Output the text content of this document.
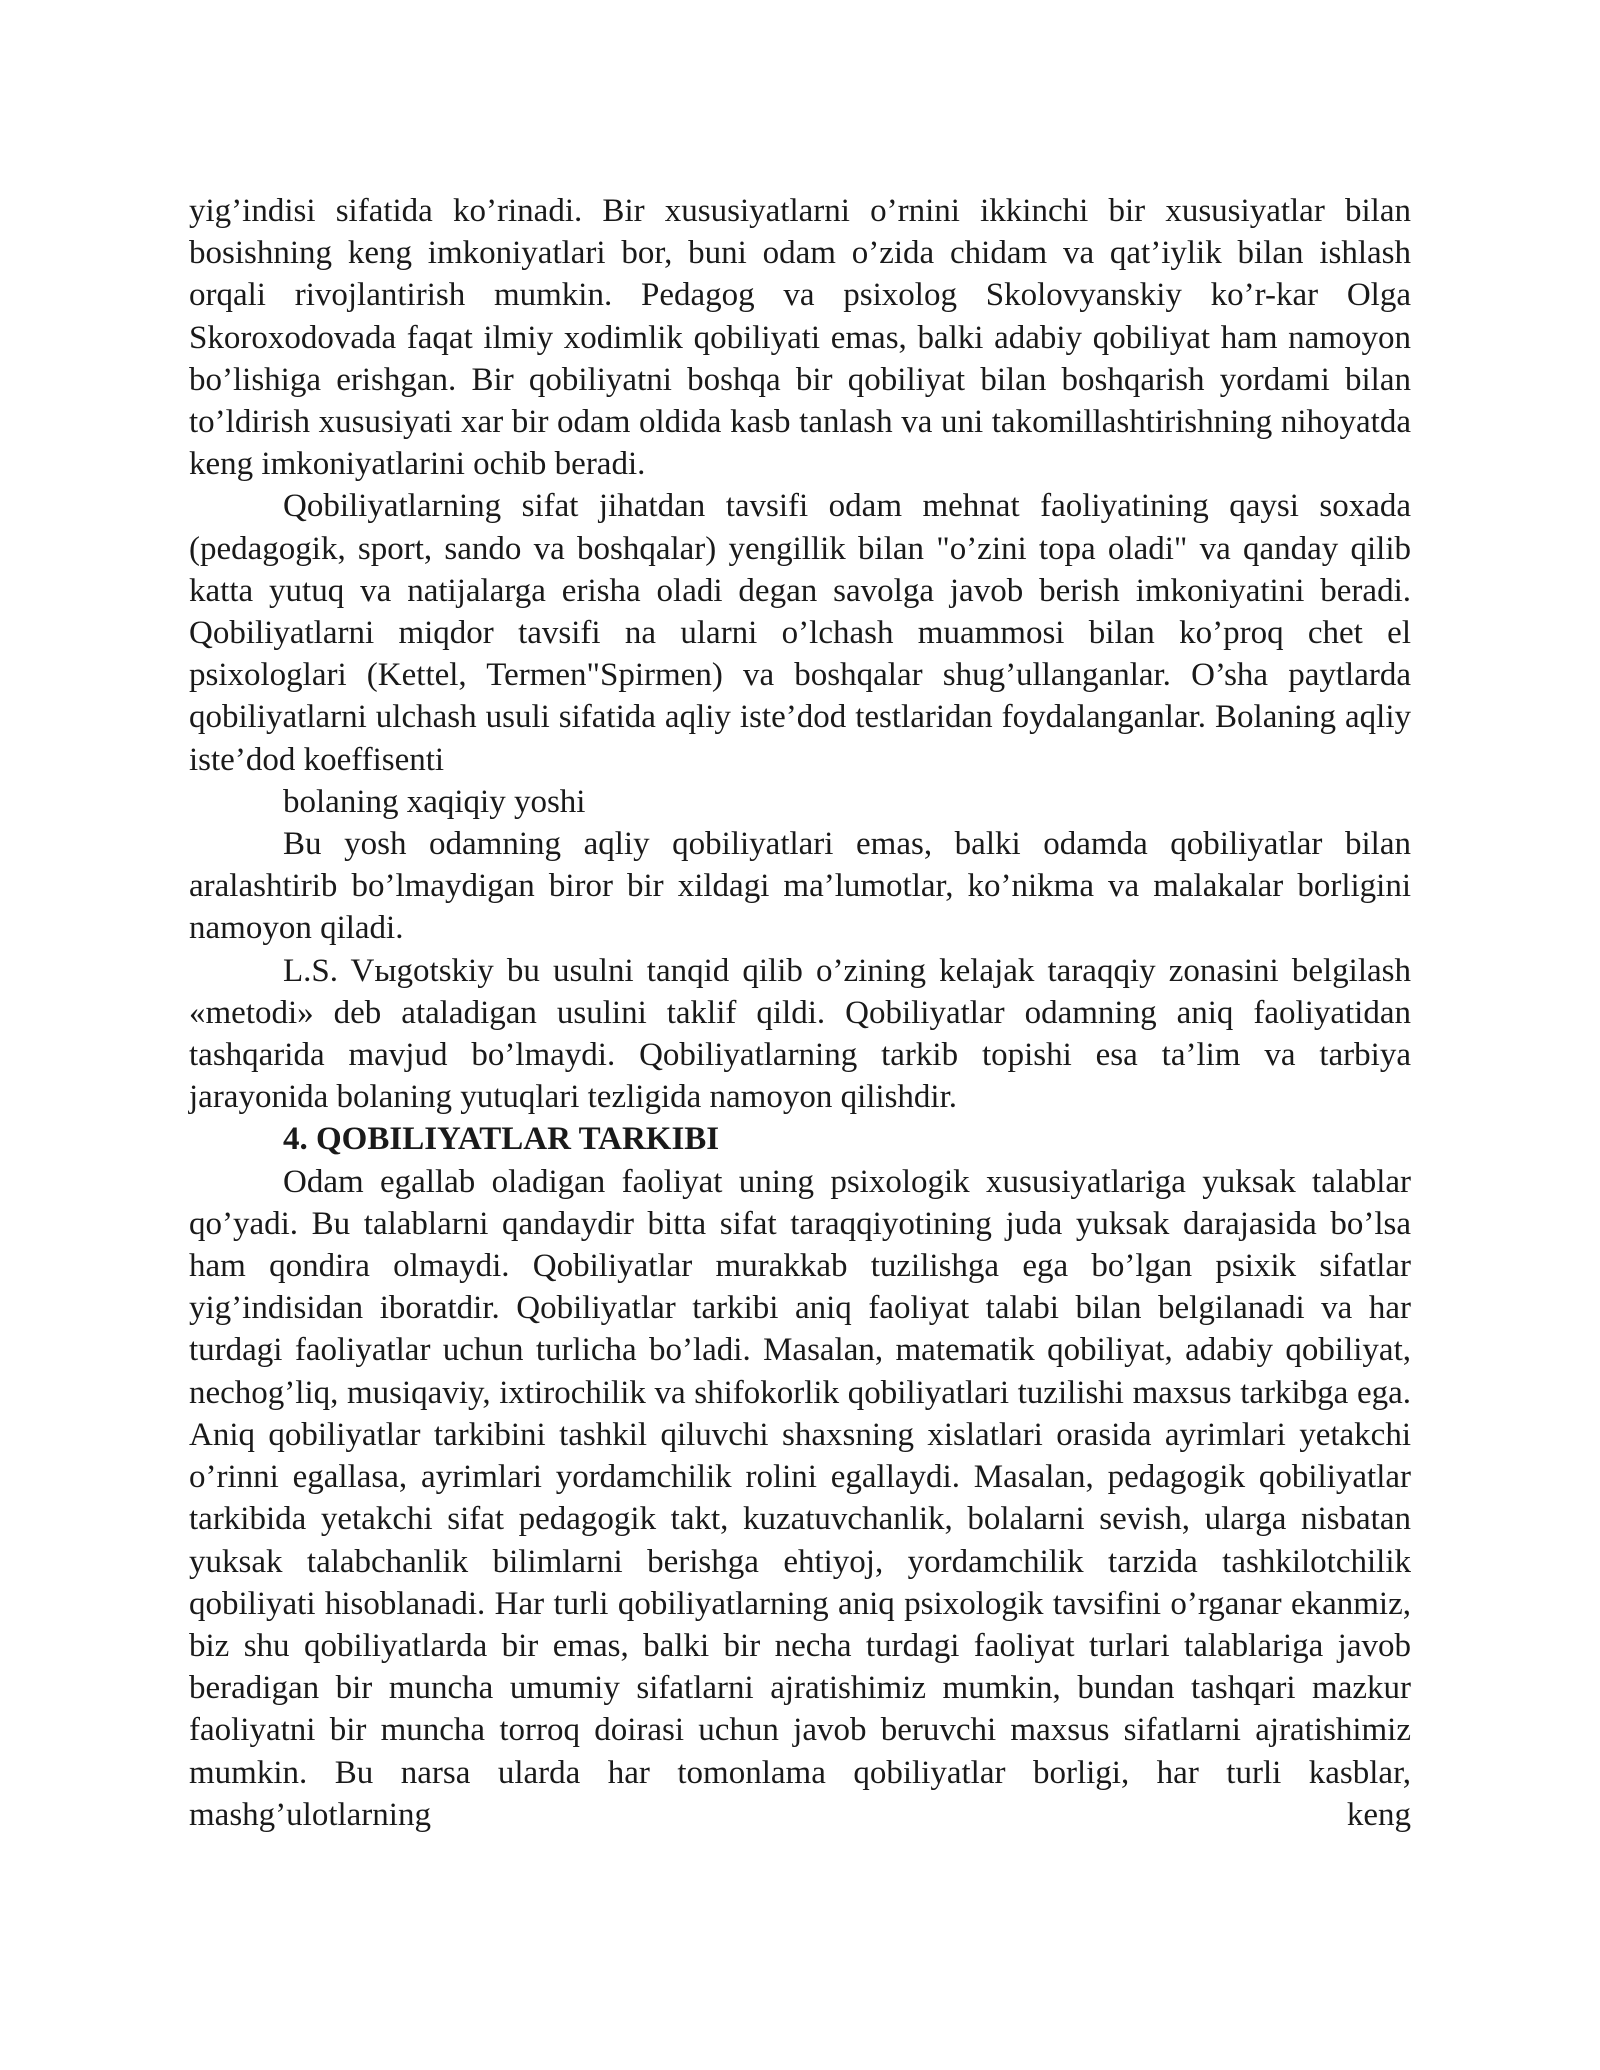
yig’indisi sifatida ko’rinadi. Bir xususiyatlarni o’rnini ikkinchi bir xususiyatlar bilan bosishning keng imkoniyatlari bor, buni odam o’zida chidam va qat’iylik bilan ishlash orqali rivojlantirish mumkin. Pedagog va psixolog Skolovyanskiy ko’r-kar Olga Skoroxodovada faqat ilmiy xodimlik qobiliyati emas, balki adabiy qobiliyat ham namoyon bo’lishiga erishgan. Bir qobiliyatni boshqa bir qobiliyat bilan boshqarish yordami bilan to’ldirish xususiyati xar bir odam oldida kasb tanlash va uni takomillashtirishning nihoyatda keng imkoniyatlarini ochib beradi.

Qobiliyatlarning sifat jihatdan tavsifi odam mehnat faoliyatining qaysi soxada (pedagogik, sport, sando va boshqalar) yengillik bilan "o’zini topa oladi" va qanday qilib katta yutuq va natijalarga erisha oladi degan savolga javob berish imkoniyatini beradi. Qobiliyatlarni miqdor tavsifi na ularni o’lchash muammosi bilan ko’proq chet el psixologlari (Kettel, Termen"Spirmen) va boshqalar shug’ullanganlar. O’sha paytlarda qobiliyatlarni ulchash usuli sifatida aqliy iste’dod testlaridan foydalanganlar. Bolaning aqliy iste’dod koeffisenti

bolaning xaqiqiy yoshi

Bu yosh odamning aqliy qobiliyatlari emas, balki odamda qobiliyatlar bilan aralashtirib bo’lmaydigan biror bir xildagi ma’lumotlar, ko’nikma va malakalar borligini namoyon qiladi.

L.S. Vыgotskiy bu usulni tanqid qilib o’zining kelajak taraqqiy zonasini belgilash «metodi» deb ataladigan usulini taklif qildi. Qobiliyatlar odamning aniq faoliyatidan tashqarida mavjud bo’lmaydi. Qobiliyatlarning tarkib topishi esa ta’lim va tarbiya jarayonida bolaning yutuqlari tezligida namoyon qilishdir.

4. QOBILIYATLAR TARKIBI

Odam egallab oladigan faoliyat uning psixologik xususiyatlariga yuksak talablar qo’yadi. Bu talablarni qandaydir bitta sifat taraqqiyotining juda yuksak darajasida bo’lsa ham qondira olmaydi. Qobiliyatlar murakkab tuzilishga ega bo’lgan psixik sifatlar yig’indisidan iboratdir. Qobiliyatlar tarkibi aniq faoliyat talabi bilan belgilanadi va har turdagi faoliyatlar uchun turlicha bo’ladi. Masalan, matematik qobiliyat, adabiy qobiliyat, nechog’liq, musiqaviy, ixtirochilik va shifokorlik qobiliyatlari tuzilishi maxsus tarkibga ega. Aniq qobiliyatlar tarkibini tashkil qiluvchi shaxsning xislatlari orasida ayrimlari yetakchi o’rinni egallasa, ayrimlari yordamchilik rolini egallaydi. Masalan, pedagogik qobiliyatlar tarkibida yetakchi sifat pedagogik takt, kuzatuvchanlik, bolalarni sevish, ularga nisbatan yuksak talabchanlik bilimlarni berishga ehtiyoj, yordamchilik tarzida tashkilotchilik qobiliyati hisoblanadi. Har turli qobiliyatlarning aniq psixologik tavsifini o’rganar ekanmiz, biz shu qobiliyatlarda bir emas, balki bir necha turdagi faoliyat turlari talablariga javob beradigan bir muncha umumiy sifatlarni ajratishimiz mumkin, bundan tashqari mazkur faoliyatni bir muncha torroq doirasi uchun javob beruvchi maxsus sifatlarni ajratishimiz mumkin. Bu narsa ularda har tomonlama qobiliyatlar borligi, har turli kasblar, mashg’ulotlarning keng
